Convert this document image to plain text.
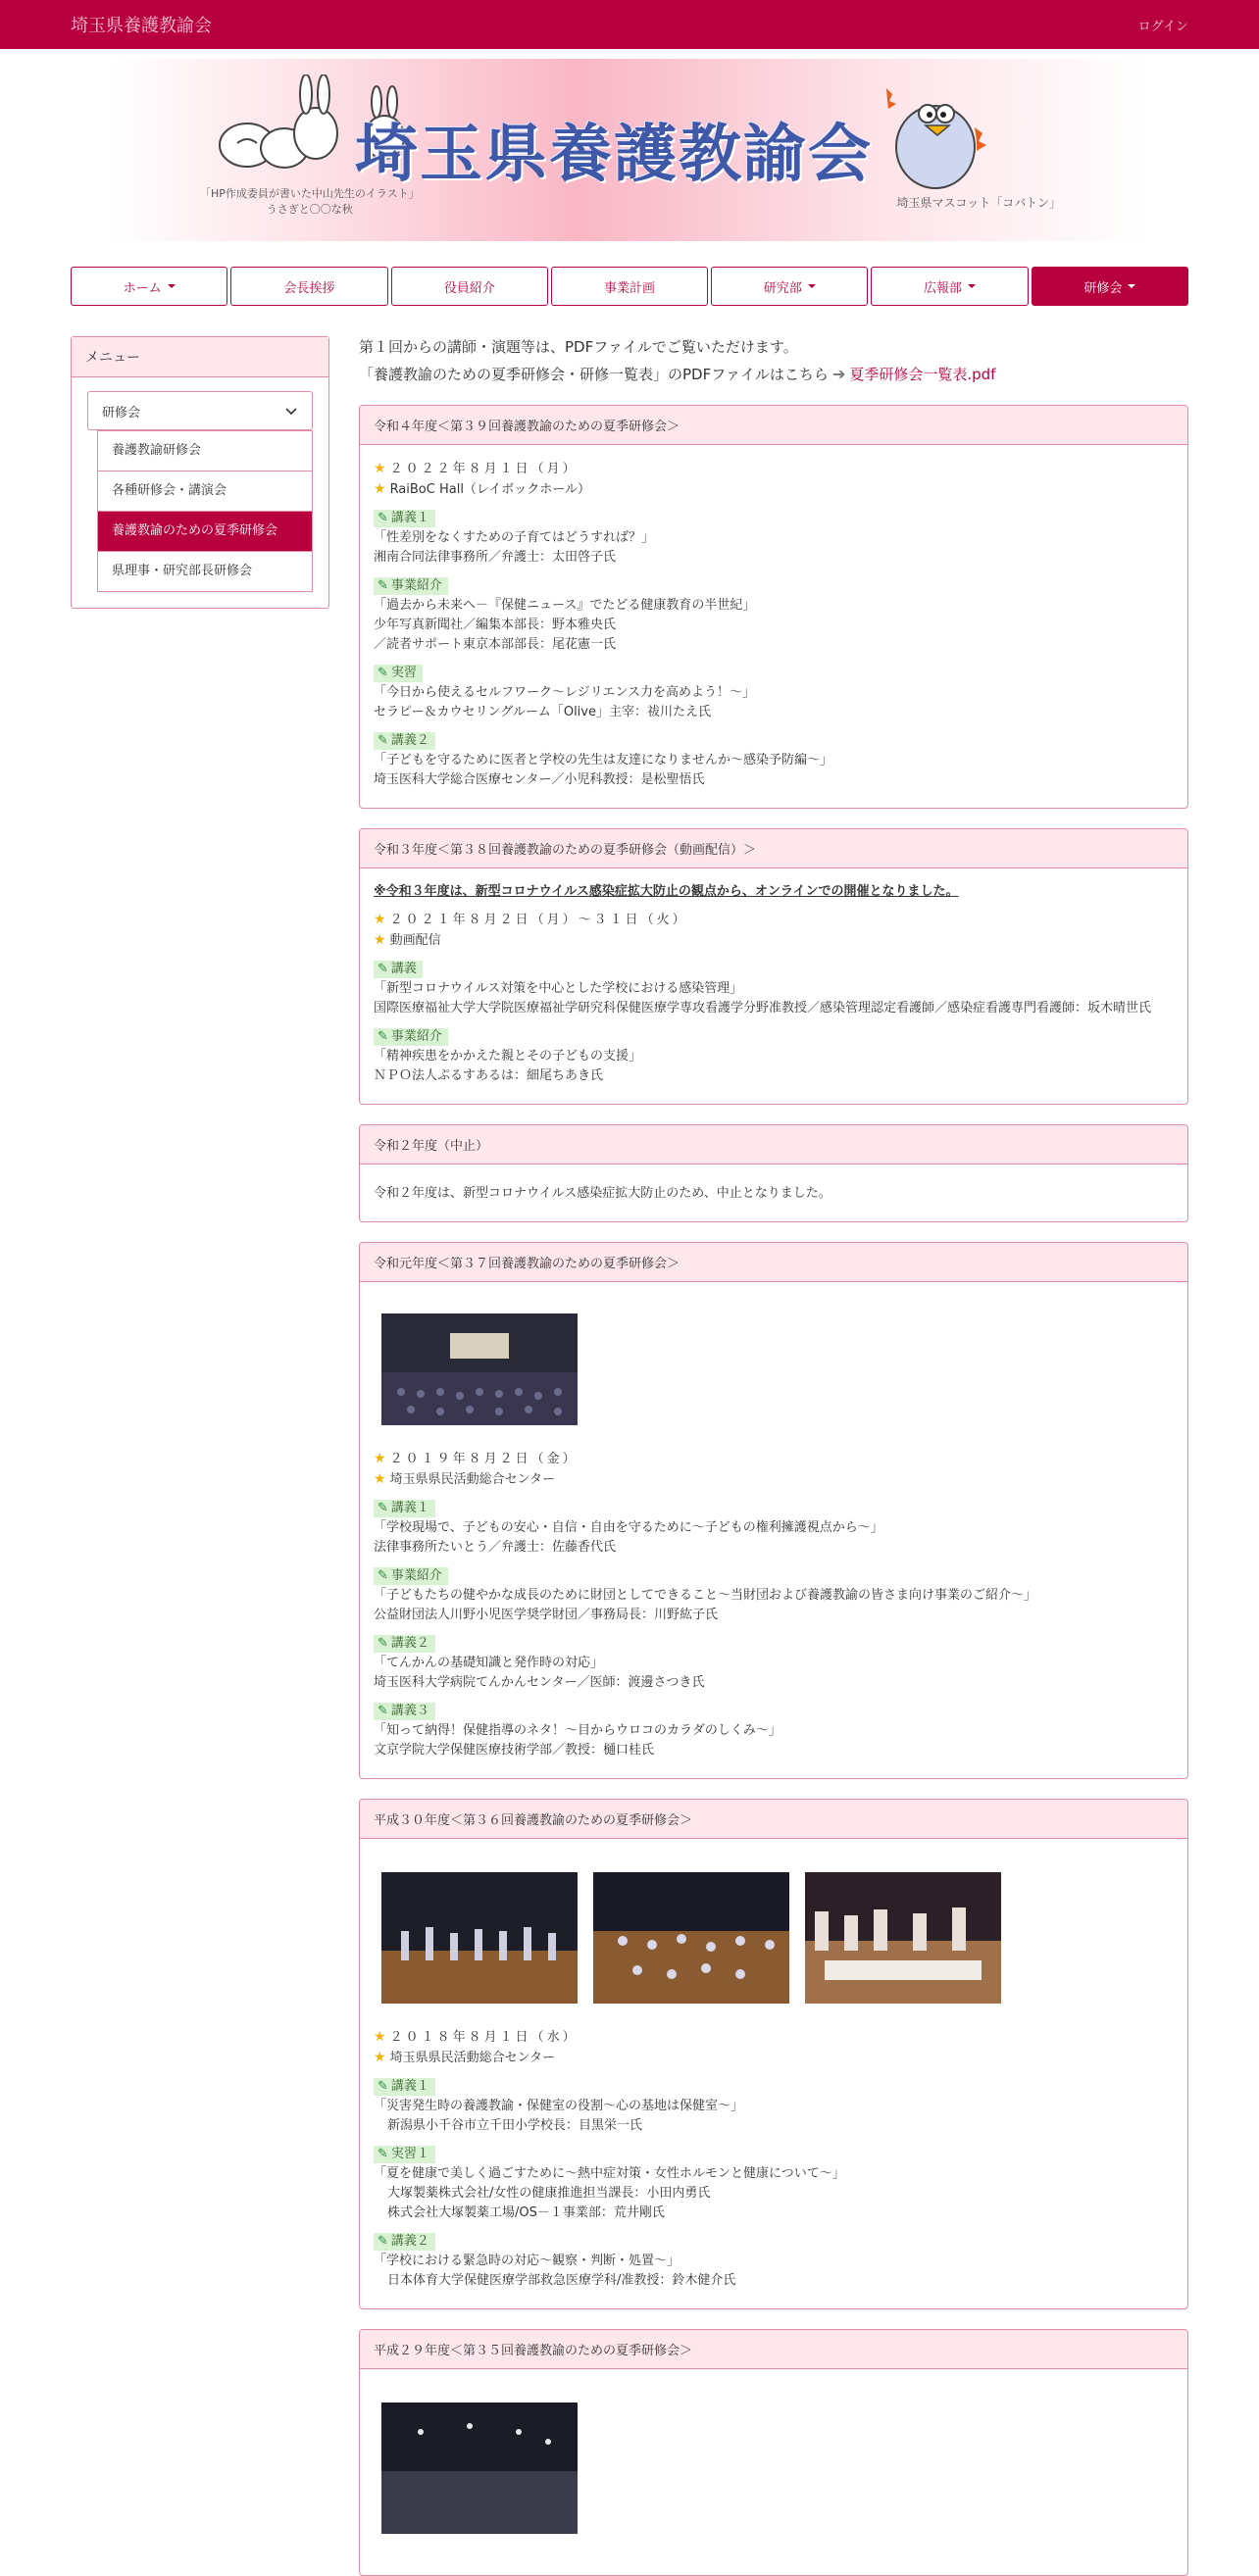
埼玉県養護教諭会	ログイン
埼玉県養護教諭会
「HP作成委員が書いた中山先生のイラスト」
うさぎと〇〇な秋	埼玉県マスコット「コバトン」
ホーム	会長挨拶	役員紹介	事業計画	研究部	広報部	研修会
メニュー
研修会
養護教諭研修会
各種研修会・講演会
養護教諭のための夏季研修会
県理事・研究部長研修会

第１回からの講師・演題等は、PDFファイルでご覧いただけます。

「養護教諭のための夏季研修会・研修一覧表」のPDFファイルはこちら ➔ 夏季研修会一覧表.pdf

令和４年度＜第３９回養護教諭のための夏季研修会＞
★ ２０２２年８月１日（月）
★ RaiBoC Hall（レイボックホール）
✎ 講義１
「性差別をなくすための子育てはどうすれば？」
湘南合同法律事務所／弁護士：太田啓子氏
✎ 事業紹介
「過去から未来へ－『保健ニュース』でたどる健康教育の半世紀」
少年写真新聞社／編集本部長：野本雅央氏
／読者サポート東京本部部長：尾花憲一氏
✎ 実習
「今日から使えるセルフワーク～レジリエンス力を高めよう！～」
セラピー＆カウセリングルーム「Olive」主宰：祓川たえ氏
✎ 講義２
「子どもを守るために医者と学校の先生は友達になりませんか～感染予防編～」
埼玉医科大学総合医療センター／小児科教授：是松聖悟氏
令和３年度＜第３８回養護教諭のための夏季研修会（動画配信）＞
※令和３年度は、新型コロナウイルス感染症拡大防止の観点から、オンラインでの開催となりました。
★ ２０２１年８月２日（月）～３１日（火）
★ 動画配信
✎ 講義
「新型コロナウイルス対策を中心とした学校における感染管理」
国際医療福祉大学大学院医療福祉学研究科保健医療学専攻看護学分野准教授／感染管理認定看護師／感染症看護専門看護師：坂木晴世氏
✎ 事業紹介
「精神疾患をかかえた親とその子どもの支援」
ＮＰＯ法人ぷるすあるは：細尾ちあき氏
令和２年度（中止）
令和２年度は、新型コロナウイルス感染症拡大防止のため、中止となりました。
令和元年度＜第３７回養護教諭のための夏季研修会＞
★ ２０１９年８月２日（金）
★ 埼玉県県民活動総合センター
✎ 講義１
「学校現場で、子どもの安心・自信・自由を守るために～子どもの権利擁護視点から～」
法律事務所たいとう／弁護士：佐藤香代氏
✎ 事業紹介
「子どもたちの健やかな成長のために財団としてできること～当財団および養護教諭の皆さま向け事業のご紹介～」
公益財団法人川野小児医学奨学財団／事務局長：川野紘子氏
✎ 講義２
「てんかんの基礎知識と発作時の対応」
埼玉医科大学病院てんかんセンター／医師：渡邊さつき氏
✎ 講義３
「知って納得！保健指導のネタ！～目からウロコのカラダのしくみ～」
文京学院大学保健医療技術学部／教授：樋口桂氏
平成３０年度＜第３６回養護教諭のための夏季研修会＞
★ ２０１８年８月１日（水）
★ 埼玉県県民活動総合センター
✎ 講義１
「災害発生時の養護教諭・保健室の役割～心の基地は保健室～」
新潟県小千谷市立千田小学校長：目黒栄一氏
✎ 実習１
「夏を健康で美しく過ごすために～熱中症対策・女性ホルモンと健康について～」
大塚製薬株式会社/女性の健康推進担当課長：小田内勇氏
株式会社大塚製薬工場/OS－１事業部：荒井剛氏
✎ 講義２
「学校における緊急時の対応～観察・判断・処置～」
日本体育大学保健医療学部救急医療学科/准教授：鈴木健介氏
平成２９年度＜第３５回養護教諭のための夏季研修会＞
